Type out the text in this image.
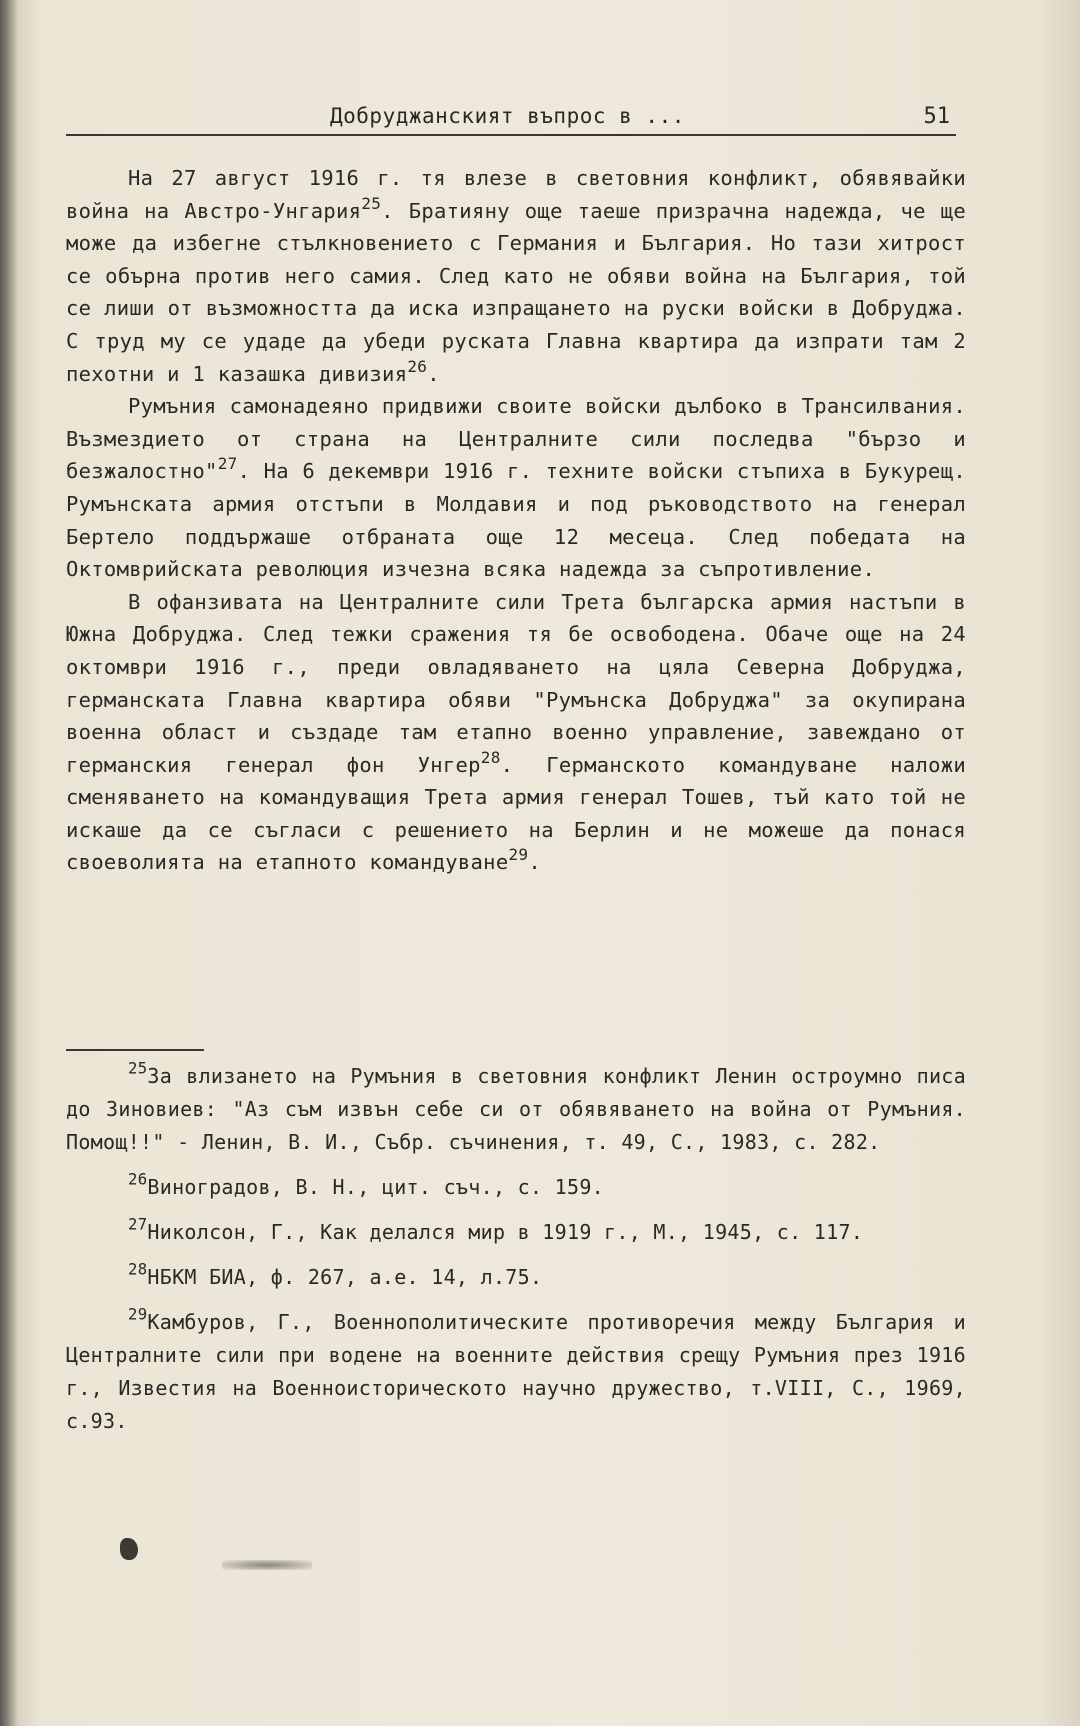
Добруджанският въпрос в ...	51

На 27 август 1916 г. тя влезе в световния конфликт, обявявайки война на Австро-Унгария$^{25}$. Братияну още таеше призрачна надежда, че ще може да избегне стълкновението с Германия и България. Но тази хитрост се обърна против него самия. След като не обяви война на България, той се лиши от възможността да иска изпращането на руски войски в Добруджа. С труд му се удаде да убеди руската Главна квартира да изпрати там 2 пехотни и 1 казашка дивизия$^{26}$.

Румъния самонадеяно придвижи своите войски дълбоко в Трансилвания. Възмездието от страна на Централните сили последва "бързо и безжалостно"$^{27}$. На 6 декември 1916 г. техните войски стъпиха в Букурещ. Румънската армия отстъпи в Молдавия и под ръководството на генерал Бертело поддържаше отбраната още 12 месеца. След победата на Октомврийската революция изчезна всяка надежда за съпротивление.

В офанзивата на Централните сили Трета българска армия настъпи в Южна Добруджа. След тежки сражения тя бе освободена. Обаче още на 24 октомври 1916 г., преди овладяването на цяла Северна Добруджа, германската Главна квартира обяви "Румънска Добруджа" за окупирана военна област и създаде там етапно военно управление, завеждано от германския генерал фон Унгер$^{28}$. Германското командуване наложи сменяването на командуващия Трета армия генерал Тошев, тъй като той не искаше да се съгласи с решението на Берлин и не можеше да понася своеволията на етапното командуване$^{29}$.

$^{25}$За влизането на Румъния в световния конфликт Ленин остроумно писа до Зиновиев: "Аз съм извън себе си от обявяването на война от Румъния. Помощ!!" - Ленин, В. И., Събр. съчинения, т. 49, С., 1983, с. 282.

$^{26}$Виноградов, В. Н., цит. съч., с. 159.

$^{27}$Николсон, Г., Как делался мир в 1919 г., М., 1945, с. 117.

$^{28}$НБКМ БИА, ф. 267, а.е. 14, л.75.

$^{29}$Кaмбуров, Г., Военнополитическите противоречия между България и Централните сили при водене на военните действия срещу Румъния през 1916 г., Известия на Военноисторическото научно дружество, т.VIII, С., 1969, с.93.
